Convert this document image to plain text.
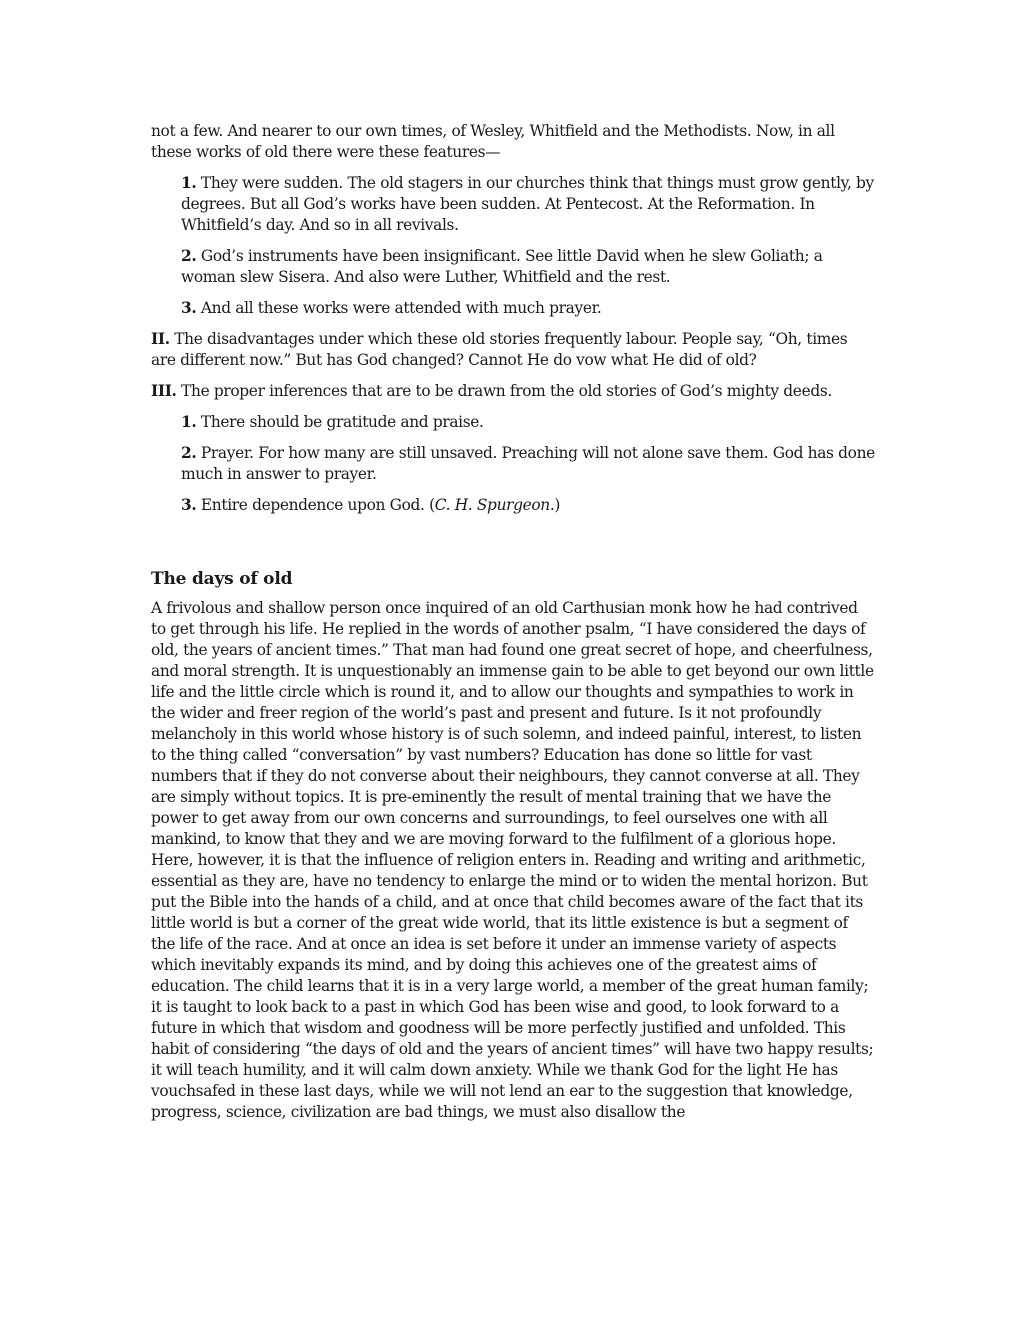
not a few. And nearer to our own times, of Wesley, Whitfield and the Methodists. Now, in all these works of old there were these features—

1. They were sudden. The old stagers in our churches think that things must grow gently, by degrees. But all God’s works have been sudden. At Pentecost. At the Reformation. In Whitfield’s day. And so in all revivals.

2. God’s instruments have been insignificant. See little David when he slew Goliath; a woman slew Sisera. And also were Luther, Whitfield and the rest.

3. And all these works were attended with much prayer.

II. The disadvantages under which these old stories frequently labour. People say, “Oh, times are different now.” But has God changed? Cannot He do vow what He did of old?

III. The proper inferences that are to be drawn from the old stories of God’s mighty deeds.

1. There should be gratitude and praise.

2. Prayer. For how many are still unsaved. Preaching will not alone save them. God has done much in answer to prayer.

3. Entire dependence upon God. (C. H. Spurgeon.)

The days of old

A frivolous and shallow person once inquired of an old Carthusian monk how he had contrived to get through his life. He replied in the words of another psalm, “I have considered the days of old, the years of ancient times.” That man had found one great secret of hope, and cheerfulness, and moral strength. It is unquestionably an immense gain to be able to get beyond our own little life and the little circle which is round it, and to allow our thoughts and sympathies to work in the wider and freer region of the world’s past and present and future. Is it not profoundly melancholy in this world whose history is of such solemn, and indeed painful, interest, to listen to the thing called “conversation” by vast numbers? Education has done so little for vast numbers that if they do not converse about their neighbours, they cannot converse at all. They are simply without topics. It is pre-eminently the result of mental training that we have the power to get away from our own concerns and surroundings, to feel ourselves one with all mankind, to know that they and we are moving forward to the fulfilment of a glorious hope. Here, however, it is that the influence of religion enters in. Reading and writing and arithmetic, essential as they are, have no tendency to enlarge the mind or to widen the mental horizon. But put the Bible into the hands of a child, and at once that child becomes aware of the fact that its little world is but a corner of the great wide world, that its little existence is but a segment of the life of the race. And at once an idea is set before it under an immense variety of aspects which inevitably expands its mind, and by doing this achieves one of the greatest aims of education. The child learns that it is in a very large world, a member of the great human family; it is taught to look back to a past in which God has been wise and good, to look forward to a future in which that wisdom and goodness will be more perfectly justified and unfolded. This habit of considering “the days of old and the years of ancient times” will have two happy results; it will teach humility, and it will calm down anxiety. While we thank God for the light He has vouchsafed in these last days, while we will not lend an ear to the suggestion that knowledge, progress, science, civilization are bad things, we must also disallow the
